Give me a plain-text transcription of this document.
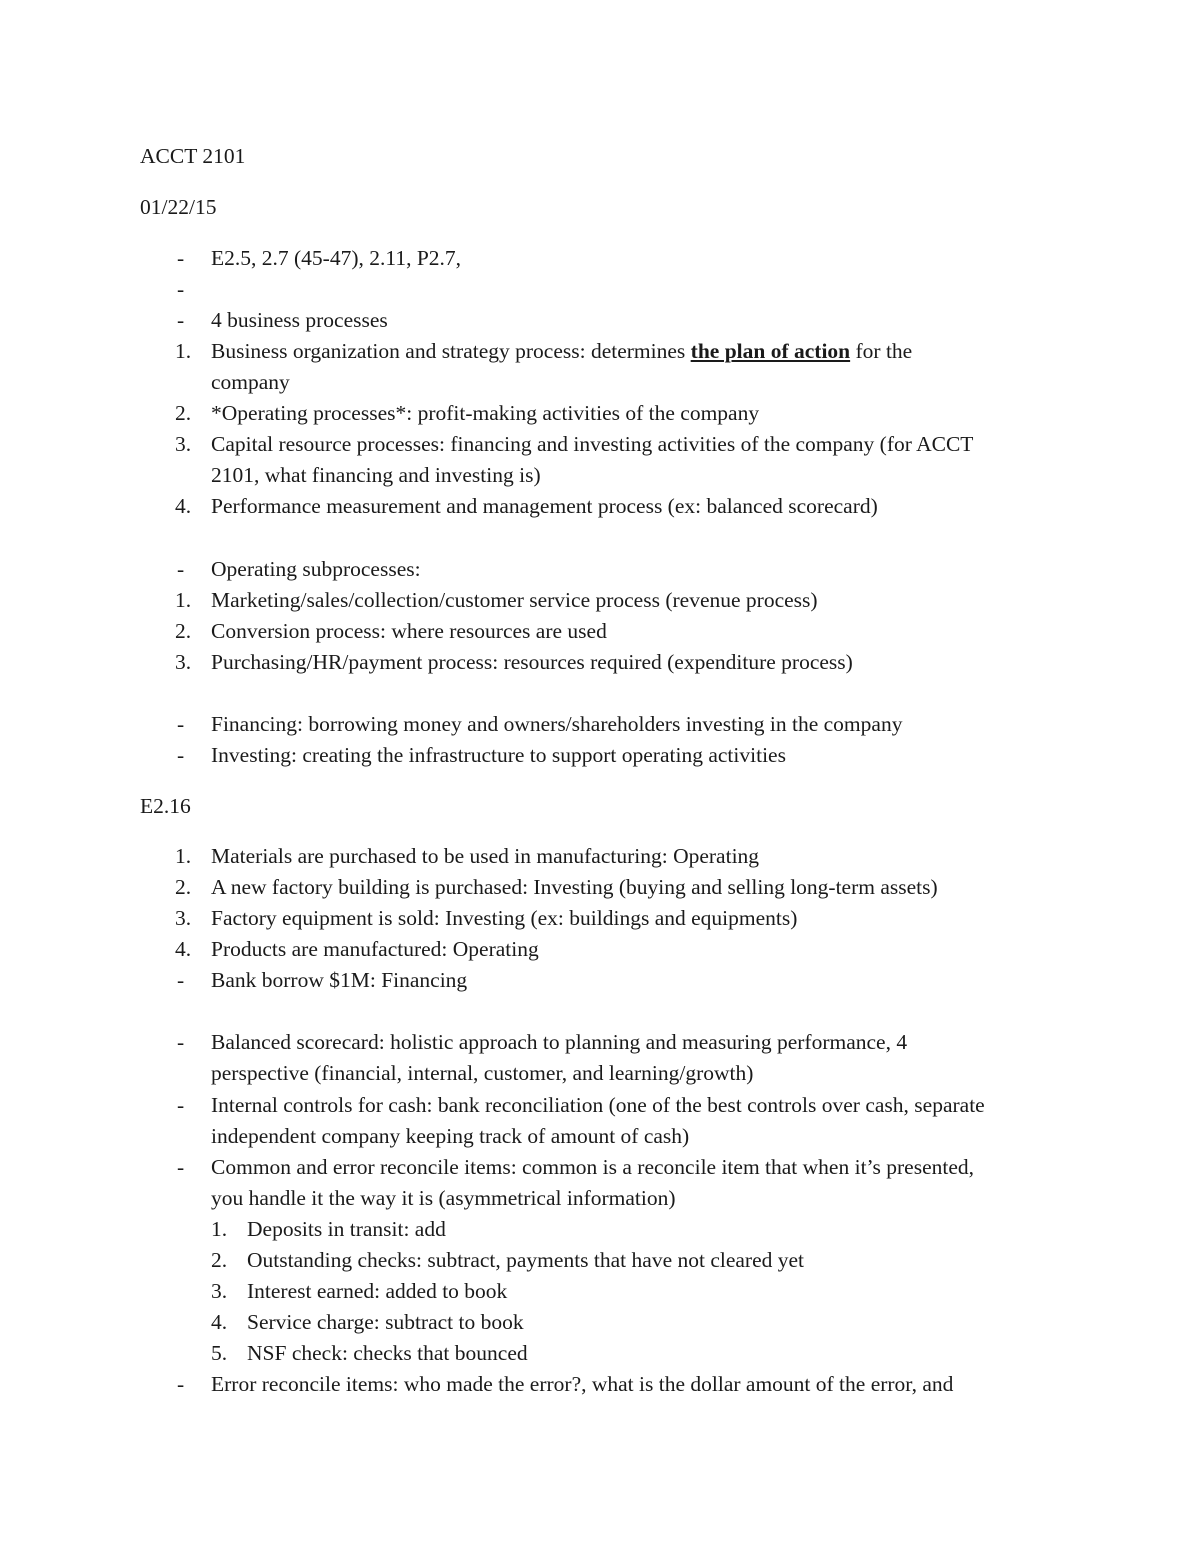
ACCT 2101
01/22/15
- E2.5, 2.7 (45-47), 2.11, P2.7,
-
- 4 business processes
1. Business organization and strategy process: determines the plan of action for the
company
2. *Operating processes*: profit-making activities of the company
3. Capital resource processes: financing and investing activities of the company (for ACCT
2101, what financing and investing is)
4. Performance measurement and management process (ex: balanced scorecard)
- Operating subprocesses:
1. Marketing/sales/collection/customer service process (revenue process)
2. Conversion process: where resources are used
3. Purchasing/HR/payment process: resources required (expenditure process)
- Financing: borrowing money and owners/shareholders investing in the company
- Investing: creating the infrastructure to support operating activities
E2.16
1. Materials are purchased to be used in manufacturing: Operating
2. A new factory building is purchased: Investing (buying and selling long-term assets)
3. Factory equipment is sold: Investing (ex: buildings and equipments)
4. Products are manufactured: Operating
- Bank borrow $1M: Financing
- Balanced scorecard: holistic approach to planning and measuring performance, 4
perspective (financial, internal, customer, and learning/growth)
- Internal controls for cash: bank reconciliation (one of the best controls over cash, separate
independent company keeping track of amount of cash)
- Common and error reconcile items: common is a reconcile item that when it’s presented,
you handle it the way it is (asymmetrical information)
1. Deposits in transit: add
2. Outstanding checks: subtract, payments that have not cleared yet
3. Interest earned: added to book
4. Service charge: subtract to book
5. NSF check: checks that bounced
- Error reconcile items: who made the error?, what is the dollar amount of the error, and
